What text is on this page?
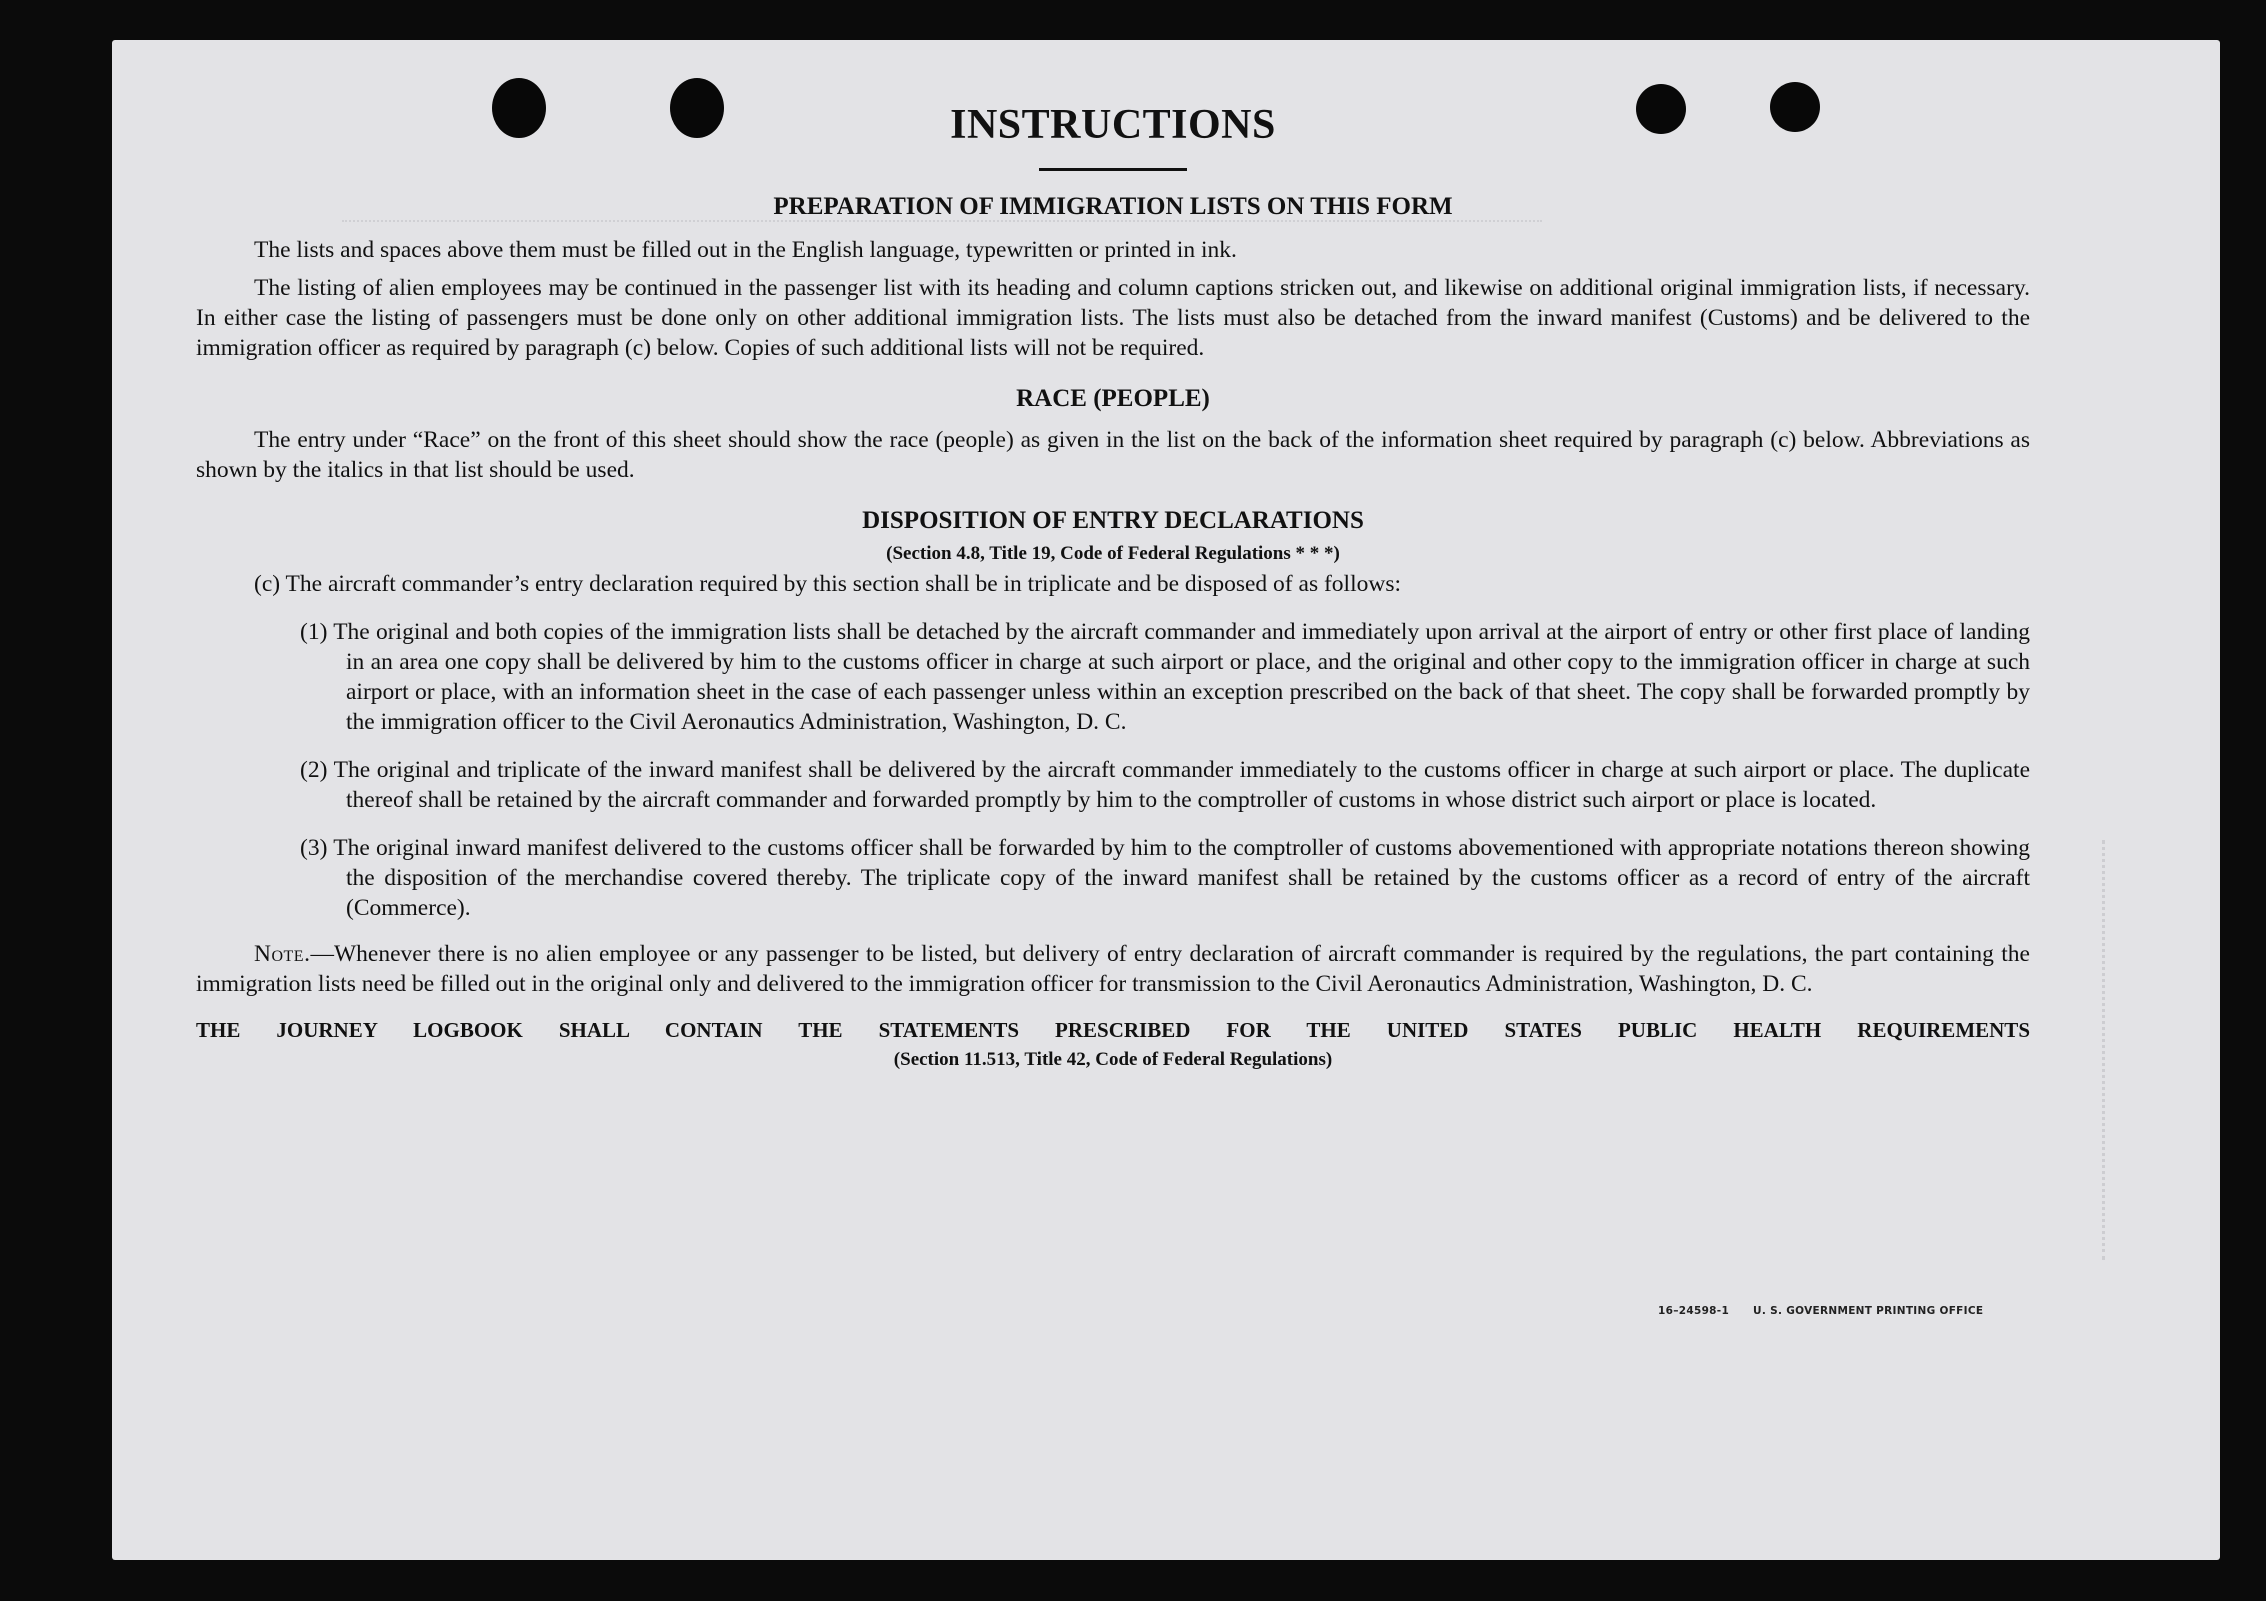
INSTRUCTIONS
PREPARATION OF IMMIGRATION LISTS ON THIS FORM

The lists and spaces above them must be filled out in the English language, typewritten or printed in ink.

The listing of alien employees may be continued in the passenger list with its heading and column captions stricken out, and likewise on additional original immigration lists, if necessary. In either case the listing of passengers must be done only on other additional immigration lists. The lists must also be detached from the inward manifest (Customs) and be delivered to the immigration officer as required by paragraph (c) below. Copies of such additional lists will not be required.

RACE (PEOPLE)

The entry under “Race” on the front of this sheet should show the race (people) as given in the list on the back of the information sheet required by paragraph (c) below. Abbreviations as shown by the italics in that list should be used.

DISPOSITION OF ENTRY DECLARATIONS

(Section 4.8, Title 19, Code of Federal Regulations * * *)

(c) The aircraft commander’s entry declaration required by this section shall be in triplicate and be disposed of as follows:

(1) The original and both copies of the immigration lists shall be detached by the aircraft commander and immediately upon arrival at the airport of entry or other first place of landing in an area one copy shall be delivered by him to the customs officer in charge at such airport or place, and the original and other copy to the immigration officer in charge at such airport or place, with an information sheet in the case of each passenger unless within an exception prescribed on the back of that sheet. The copy shall be forwarded promptly by the immigration officer to the Civil Aeronautics Administration, Washington, D. C.

(2) The original and triplicate of the inward manifest shall be delivered by the aircraft commander immediately to the customs officer in charge at such airport or place. The duplicate thereof shall be retained by the aircraft commander and forwarded promptly by him to the comptroller of customs in whose district such airport or place is located.

(3) The original inward manifest delivered to the customs officer shall be forwarded by him to the comptroller of customs abovementioned with appropriate notations thereon showing the disposition of the merchandise covered thereby. The triplicate copy of the inward manifest shall be retained by the customs officer as a record of entry of the aircraft (Commerce).

Note.—Whenever there is no alien employee or any passenger to be listed, but delivery of entry declaration of aircraft commander is required by the regulations, the part containing the immigration lists need be filled out in the original only and delivered to the immigration officer for transmission to the Civil Aeronautics Administration, Washington, D. C.

THE JOURNEY LOGBOOK SHALL CONTAIN THE STATEMENTS PRESCRIBED FOR THE UNITED STATES PUBLIC HEALTH REQUIREMENTS

(Section 11.513, Title 42, Code of Federal Regulations)

16–24598-1 U. S. GOVERNMENT PRINTING OFFICE
